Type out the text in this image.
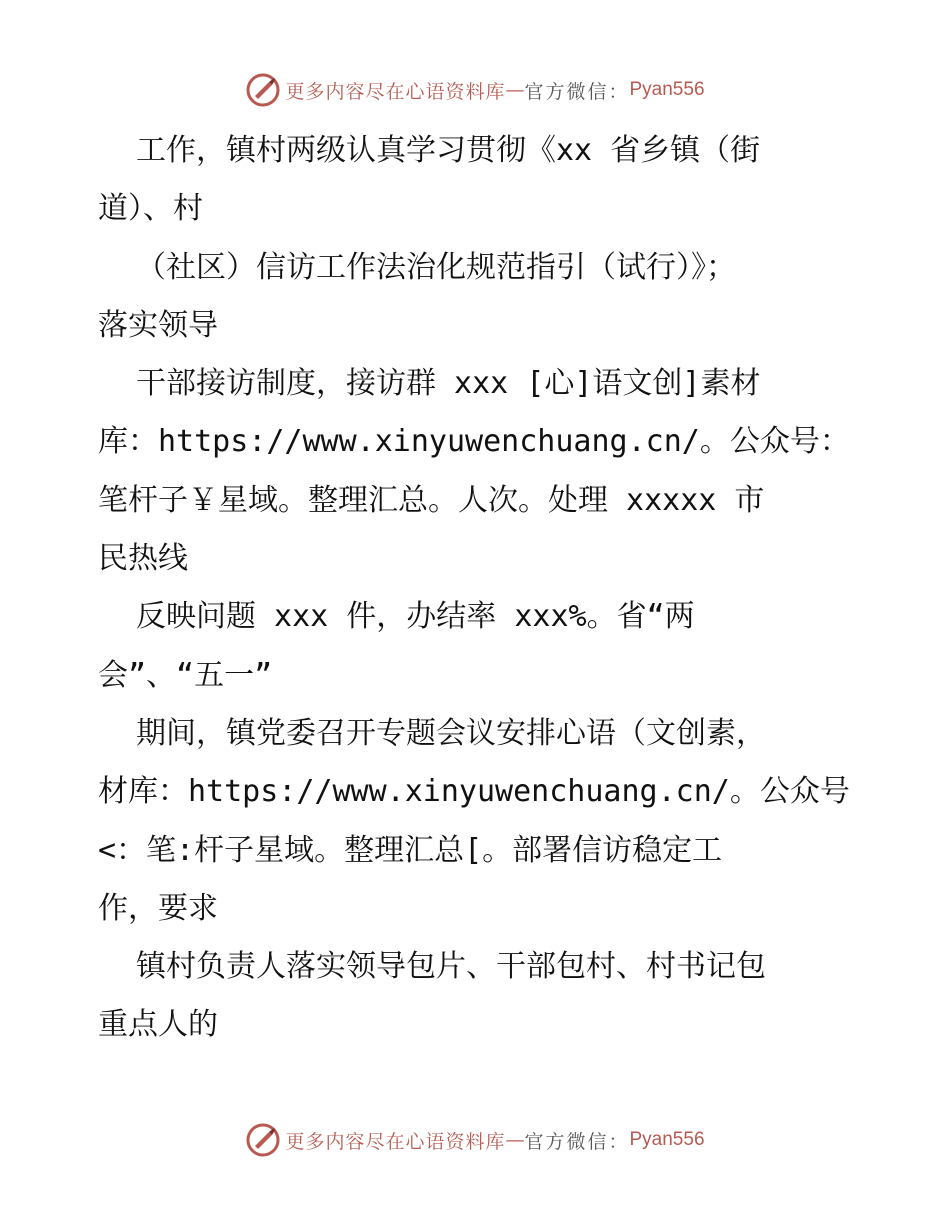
更多内容尽在心语资料库 — 官方微信： Pyan556
工作，镇村两级认真学习贯彻《xx 省乡镇（街
道）、村
（社区）信访工作法治化规范指引（试行）》；
落实领导
干部接访制度，接访群 xxx [心]语文创]素材
库：https://www.xinyuwenchuang.cn/。公众号：
笔杆子￥星域。整理汇总。人次。处理 xxxxx 市
民热线
反映问题 xxx 件，办结率 xxx%。省“两
会”、“五一”
期间，镇党委召开专题会议安排心语（文创素，
材库：https://www.xinyuwenchuang.cn/。公众号
<：笔:杆子星域。整理汇总[。部署信访稳定工
作，要求
镇村负责人落实领导包片、干部包村、村书记包
重点人的
更多内容尽在心语资料库 — 官方微信： Pyan556
